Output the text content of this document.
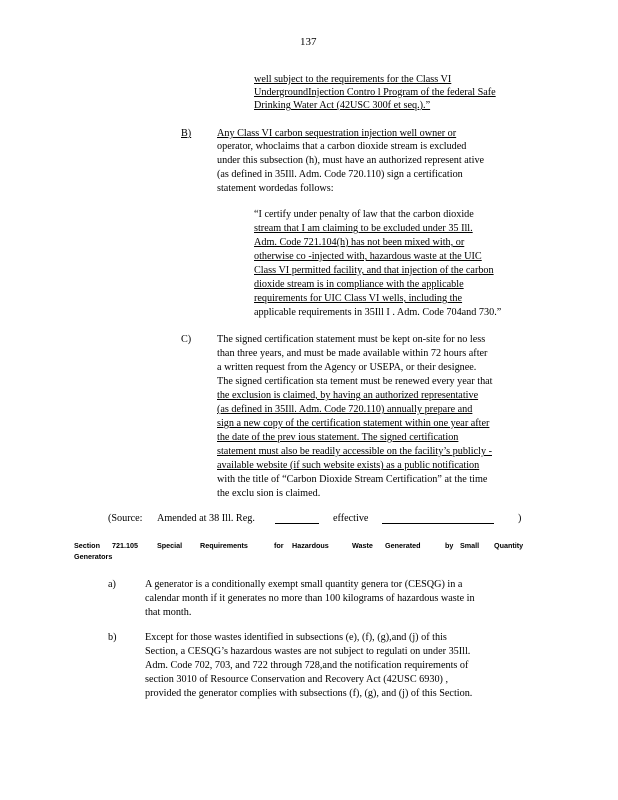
137
well subject to the requirements for the Class VI
UndergroundInjection Contro l Program of the federal Safe
Drinking Water Act (42USC 300f et seq.).”
B)	Any Class VI carbon sequestration injection well owner or
operator, whoclaims that a carbon dioxide stream is excluded
under this subsection (h), must have an authorized represent ative
(as defined in 35Ill. Adm. Code 720.110) sign a certification
statement wordedas follows:
“I certify under penalty of law that the carbon dioxide
stream that I am claiming to be excluded under 35 Ill.
Adm. Code 721.104(h) has not been mixed with, or
otherwise co -injected with, hazardous waste at the UIC
Class VI permitted facility, and that injection of the carbon
dioxide stream is in compliance with the applicable
requirements for UIC Class VI wells, including the
applicable requirements in 35Ill I . Adm. Code 704and 730.”
C)	The signed certification statement must be kept on-site for no less
than three years, and must be made available within 72 hours after
a written request from the Agency or USEPA, or their designee.
The signed certification sta tement must be renewed every year that
the exclusion is claimed, by having an authorized representative
(as defined in 35Ill. Adm. Code 720.110) annually prepare and
sign a new copy of the certification statement within one year after
the date of the prev ious statement. The signed certification
statement must also be readily accessible on the facility’s publicly -
available website (if such website exists) as a public notification
with the title of “Carbon Dioxide Stream Certification” at the time
the exclu sion is claimed.
(Source: Amended at 38 Ill. Reg.	effective	)
Section 721.105	Special Requirements	for Hazardous	Waste Generated	by Small Quantity
Generators
a)	A generator is a conditionally exempt small quantity genera tor (CESQG) in a
calendar month if it generates no more than 100 kilograms of hazardous waste in
that month.
b)	Except for those wastes identified in subsections (e), (f), (g),and (j) of this
Section, a CESQG’s hazardous wastes are not subject to regulati on under 35Ill.
Adm. Code 702, 703, and 722 through 728,and the notification requirements of
section 3010 of Resource Conservation and Recovery Act (42USC 6930) ,
provided the generator complies with subsections (f), (g), and (j) of this Section.
